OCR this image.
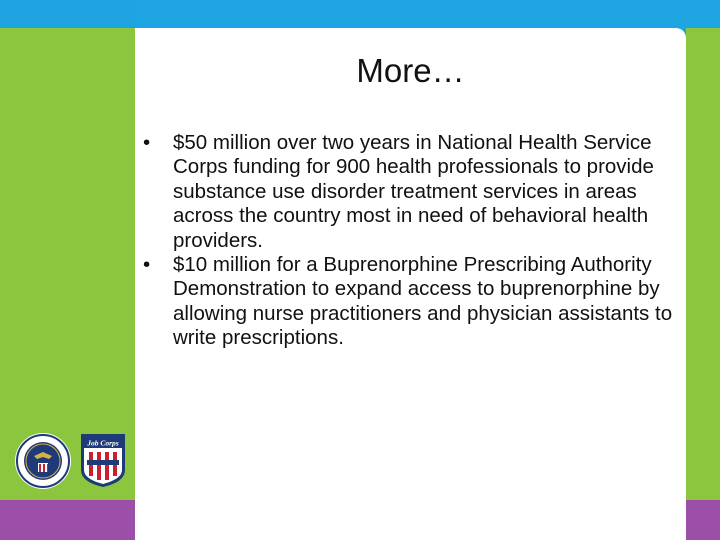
More…
• $50 million over two years in National Health Service Corps funding for 900 health professionals to provide substance use disorder treatment services in areas across the country most in need of behavioral health providers.
• $10 million for a Buprenorphine Prescribing Authority Demonstration to expand access to buprenorphine by allowing nurse practitioners and physician assistants to write prescriptions.
Job Corps
